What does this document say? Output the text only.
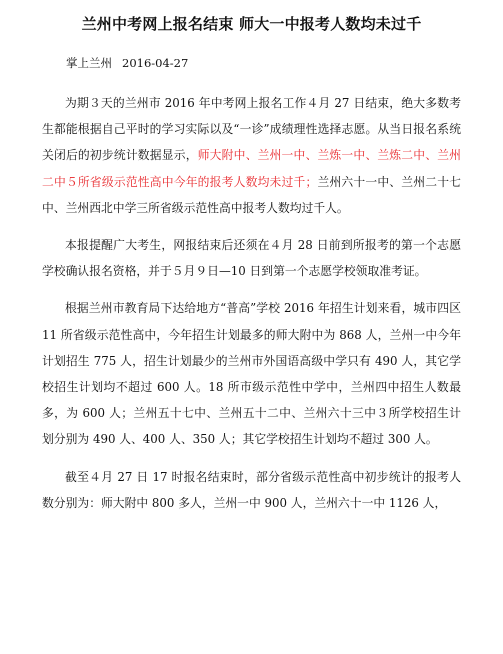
兰州中考网上报名结束 师大一中报考人数均未过千
掌上兰州 2016-04-27

为期３天的兰州市 2016 年中考网上报名工作４月 27 日结束，绝大多数考生都能根据自己平时的学习实际以及“一诊”成绩理性选择志愿。从当日报名系统关闭后的初步统计数据显示，师大附中、兰州一中、兰炼一中、兰炼二中、兰州二中５所省级示范性高中今年的报考人数均未过千；兰州六十一中、兰州二十七中、兰州西北中学三所省级示范性高中报考人数均过千人。

本报提醒广大考生，网报结束后还须在４月 28 日前到所报考的第一个志愿学校确认报名资格，并于５月９日—10 日到第一个志愿学校领取准考证。

根据兰州市教育局下达给地方“普高”学校 2016 年招生计划来看，城市四区 11 所省级示范性高中，今年招生计划最多的师大附中为 868 人，兰州一中今年计划招生 775 人，招生计划最少的兰州市外国语高级中学只有 490 人，其它学校招生计划均不超过 600 人。18 所市级示范性中学中，兰州四中招生人数最多，为 600 人；兰州五十七中、兰州五十二中、兰州六十三中３所学校招生计划分别为 490 人、400 人、350 人；其它学校招生计划均不超过 300 人。

截至４月 27 日 17 时报名结束时，部分省级示范性高中初步统计的报考人数分别为：师大附中 800 多人，兰州一中 900 人，兰州六十一中 1126 人，
